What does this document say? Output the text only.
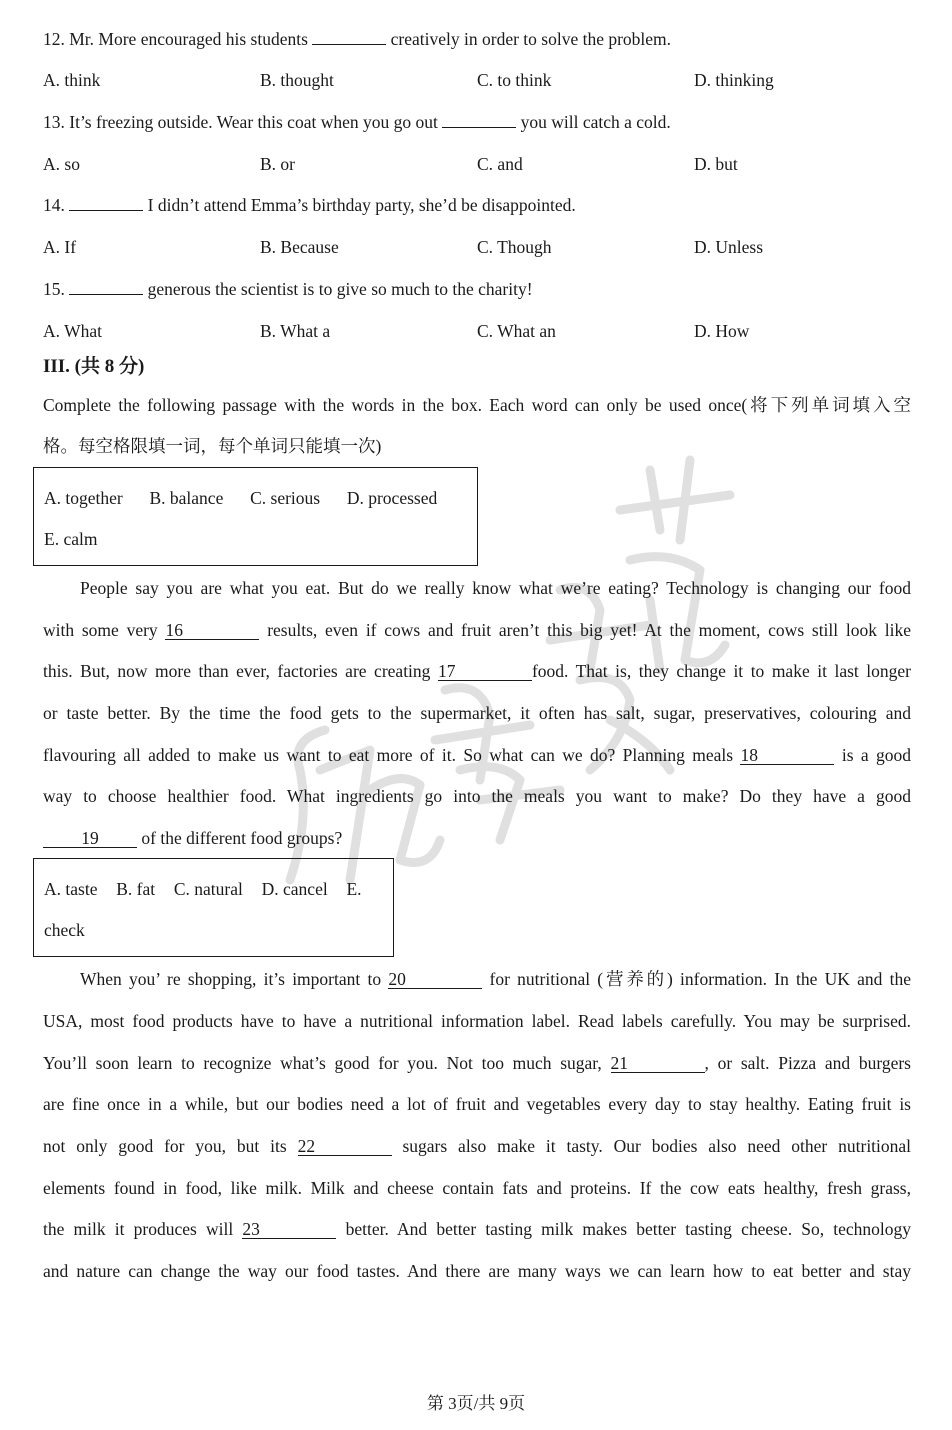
12. Mr. More encouraged his students	creatively in order to solve the problem.
A. think	B. thought	C. to think	D. thinking
13. It’s freezing outside. Wear this coat when you go out	you will catch a cold.
A. so	B. or	C. and	D. but
14.	I didn’t attend Emma’s birthday party, she’d be disappointed.
A. If	B. Because	C. Though	D. Unless
15.	generous the scientist is to give so much to the charity!
A. What	B. What a	C. What an	D. How
III. (共 8 分)
Complete the following passage with the words in the box. Each word can only be used once(将下列单词填入空
格。每空格限填一词，每个单词只能填一次)
A. together B. balance C. serious D. processed
E. calm
People say you are what you eat. But do we really know what we’re eating? Technology is changing our food
with some very 16	results, even if cows and fruit aren’t this big yet! At the moment, cows still look like
this. But, now more than ever, factories are creating 17	food. That is, they change it to make it last longer
or taste better. By the time the food gets to the supermarket, it often has salt, sugar, preservatives, colouring and
flavouring all added to make us want to eat more of it. So what can we do? Planning meals 18	is a good
way to choose healthier food. What ingredients go into the meals you want to make? Do they have a good
19 of the different food groups?
A. taste B. fat C. natural D. cancel E.
check
When you’ re shopping, it’s important to 20	for nutritional (营养的) information. In the UK and the
USA, most food products have to have a nutritional information label. Read labels carefully. You may be surprised.
You’ll soon learn to recognize what’s good for you. Not too much sugar, 21	, or salt. Pizza and burgers
are fine once in a while, but our bodies need a lot of fruit and vegetables every day to stay healthy. Eating fruit is
not only good for you, but its 22	sugars also make it tasty. Our bodies also need other nutritional
elements found in food, like milk. Milk and cheese contain fats and proteins. If the cow eats healthy, fresh grass,
the milk it produces will 23	better. And better tasting milk makes better tasting cheese. So, technology
and nature can change the way our food tastes. And there are many ways we can learn how to eat better and stay
第 3页/共 9页
